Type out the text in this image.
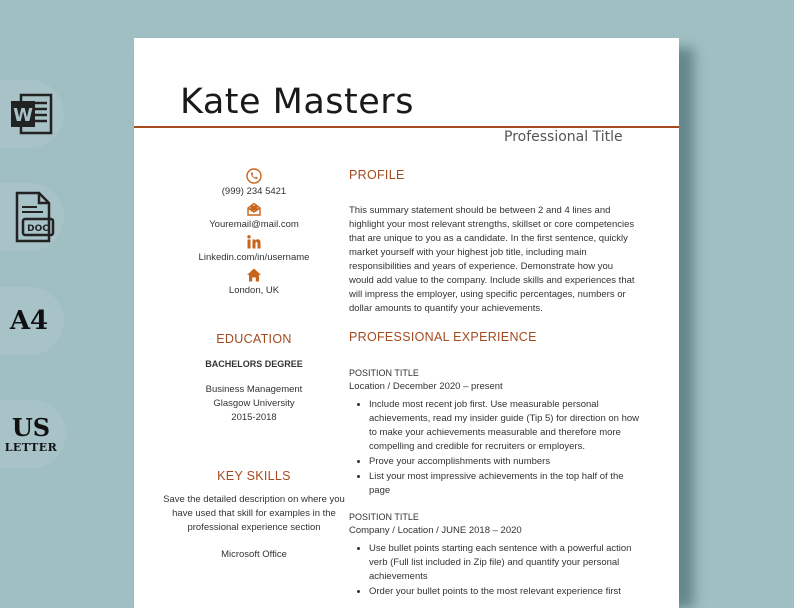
W
DOC
A4
US
LETTER
Kate Masters
Professional Title
(999) 234 5421
Youremail@mail.com
Linkedin.com/in/username
London, UK
EDUCATION
BACHELORS DEGREE
Business Management
Glasgow University
2015-2018
KEY SKILLS
Save the detailed description on where you have used that skill for examples in the professional experience section
Microsoft Office
PROFILE

This summary statement should be between 2 and 4 lines and highlight your most relevant strengths, skillset or core competencies that are unique to you as a candidate. In the first sentence, quickly market yourself with your highest job title, including main responsibilities and years of experience. Demonstrate how you would add value to the company. Include skills and experiences that will impress the employer, using specific percentages, numbers or dollar amounts to quantify your achievements.

PROFESSIONAL EXPERIENCE
POSITION TITLE
Location / December 2020 – present
• Include most recent job first. Use measurable personal achievements, read my insider guide (Tip 5) for direction on how to make your achievements measurable and therefore more compelling and credible for recruiters or employers.
• Prove your accomplishments with numbers
• List your most impressive achievements in the top half of the page
POSITION TITLE
Company / Location / JUNE 2018 – 2020
• Use bullet points starting each sentence with a powerful action verb (Full list included in Zip file) and quantify your personal achievements
• Order your bullet points to the most relevant experience first
